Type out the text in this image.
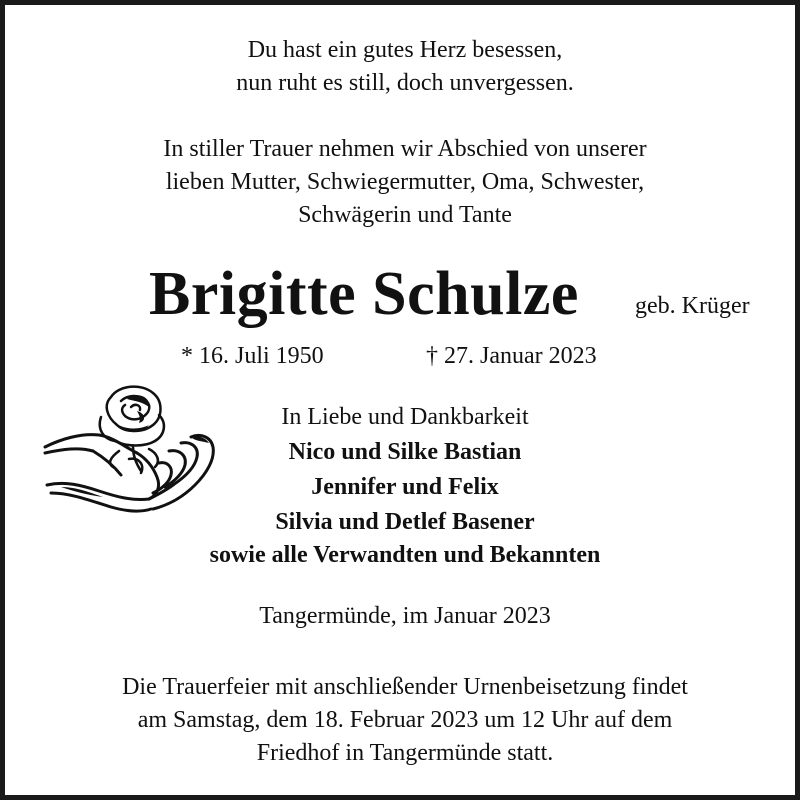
Du hast ein gutes Herz besessen,
nun ruht es still, doch unvergessen.
In stiller Trauer nehmen wir Abschied von unserer
lieben Mutter, Schwiegermutter, Oma, Schwester,
Schwägerin und Tante
Brigitte Schulze geb. Krüger
* 16. Juli 1950	† 27. Januar 2023
In Liebe und Dankbarkeit
Nico und Silke Bastian
Jennifer und Felix
Silvia und Detlef Basener
sowie alle Verwandten und Bekannten
Tangermünde, im Januar 2023
Die Trauerfeier mit anschließender Urnenbeisetzung findet
am Samstag, dem 18. Februar 2023 um 12 Uhr auf dem
Friedhof in Tangermünde statt.
